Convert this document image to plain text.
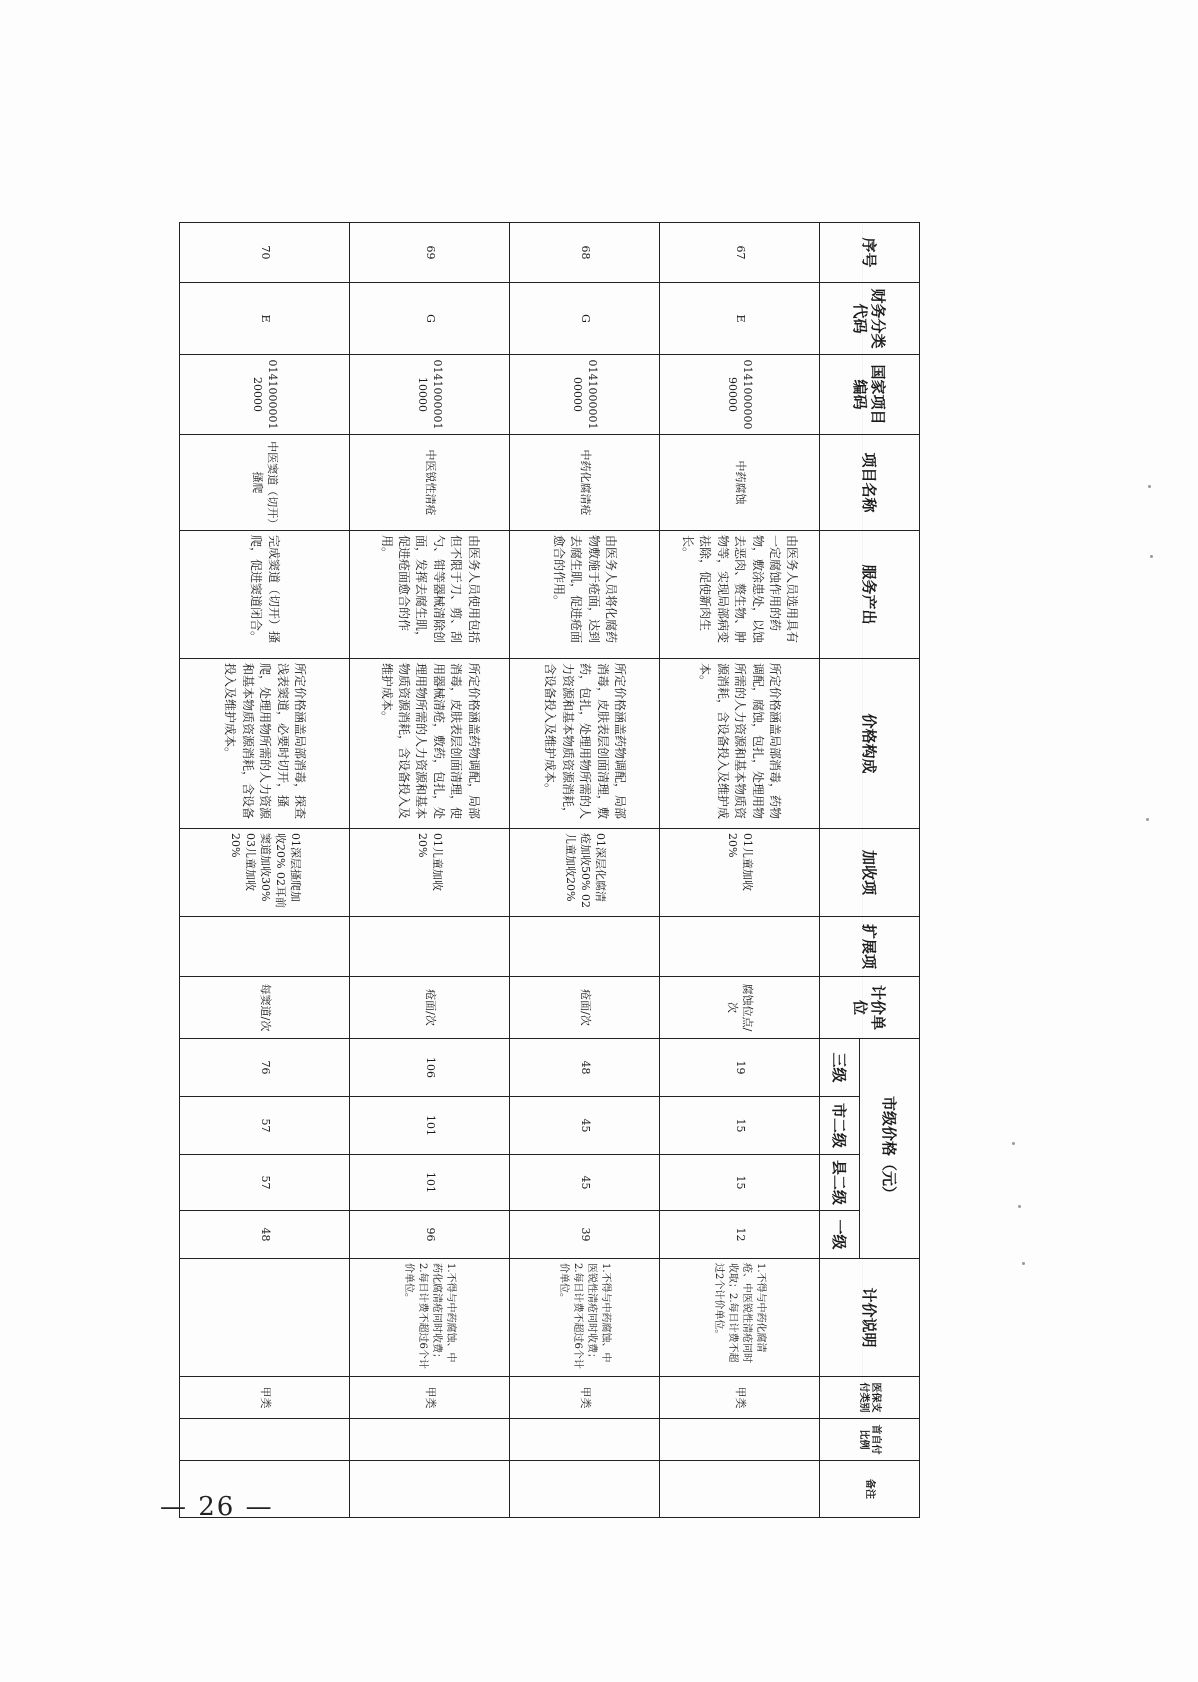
序号	财务分类代码	国家项目编码	项目名称	服务产出	价格构成	加收项	扩展项	计价单位	市级价格（元）				计价说明	医保支付类别	首自付比例	备注
									三级	市二级	县二级	一级				
67	E	014100000090000	中药腐蚀	由医务人员选用具有一定腐蚀作用的药物，敷涂患处，以蚀去恶肉、赘生物、肿物等，实现局部病变祛除，促使新肉生长。	所定价格涵盖局部消毒，药物调配，腐蚀，包扎，处理用物所需的人力资源和基本物质资源消耗，含设备投入及维护成本。	01儿童加收20%		腐蚀位点/次	19	15	15	12	1.不得与中药化腐清疮、中医锐性清疮同时收取；2.每日计费不超过2个计价单位。	甲类		
68	G	014100000100000	中药化腐清疮	由医务人员将化腐药物敷施于疮面，达到去腐生肌，促进疮面愈合的作用。	所定价格涵盖药物调配，局部消毒，皮肤表层创面清理，敷药，包扎，处理用物所需的人力资源和基本物质资源消耗，含设备投入及维护成本。	01深层化腐清疮加收50% 02儿童加收20%		疮面/次	48	45	45	39	1.不得与中药腐蚀、中医锐性清疮同时收费；2.每日计费不超过6个计价单位。	甲类		
69	G	014100000110000	中医锐性清疮	由医务人员使用包括但不限于刀、剪、刮勺、钳等器械清除创面，发挥去腐生肌，促进疮面愈合的作用。	所定价格涵盖药物调配，局部消毒，皮肤表层创面清理，使用器械清疮，敷药，包扎，处理用物所需的人力资源和基本物质资源消耗，含设备投入及维护成本。	01儿童加收20%		疮面/次	106	101	101	96	1.不得与中药腐蚀、中药化腐清疮同时收费；2.每日计费不超过6个计价单位。	甲类		
70	E	014100000120000	中医窦道（切开）搔爬	完成窦道（切开）搔爬，促进窦道闭合。	所定价格涵盖局部消毒，探查浅表窦道，必要时切开，搔爬，处理用物所需的人力资源和基本物质资源消耗，含设备投入及维护成本。	01深层搔爬加收20% 02耳前窦道加收30% 03儿童加收20%		每窦道/次	76	57	57	48		甲类		
— 26 —
